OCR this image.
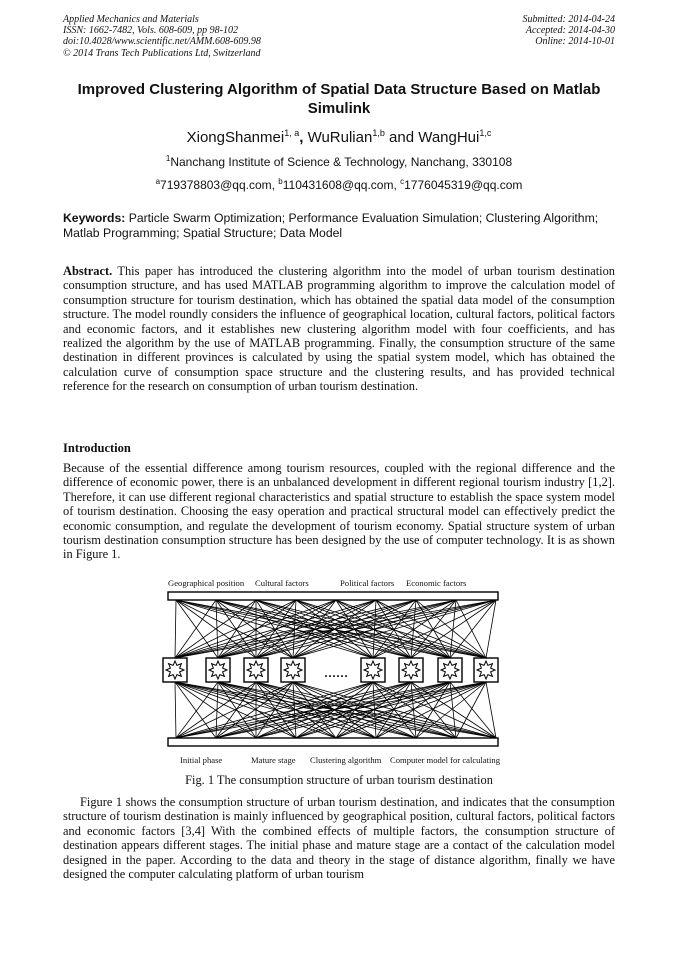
Applied Mechanics and Materials
ISSN: 1662-7482, Vols. 608-609, pp 98-102
doi:10.4028/www.scientific.net/AMM.608-609.98
© 2014 Trans Tech Publications Ltd, Switzerland
Submitted: 2014-04-24
Accepted: 2014-04-30
Online: 2014-10-01
Improved Clustering Algorithm of Spatial Data Structure Based on Matlab Simulink
XiongShanmei$^{1, a}$, WuRulian$^{1,b}$ and WangHui$^{1,c}$
$^1$Nanchang Institute of Science & Technology, Nanchang, 330108
$^a$719378803@qq.com, $^b$110431608@qq.com, $^c$1776045319@qq.com
Keywords: Particle Swarm Optimization; Performance Evaluation Simulation; Clustering Algorithm; Matlab Programming; Spatial Structure; Data Model
Abstract. This paper has introduced the clustering algorithm into the model of urban tourism destination consumption structure, and has used MATLAB programming algorithm to improve the calculation model of consumption structure for tourism destination, which has obtained the spatial data model of the consumption structure. The model roundly considers the influence of geographical location, cultural factors, political factors and economic factors, and it establishes new clustering algorithm model with four coefficients, and has realized the algorithm by the use of MATLAB programming. Finally, the consumption structure of the same destination in different provinces is calculated by using the spatial system model, which has obtained the calculation curve of consumption space structure and the clustering results, and has provided technical reference for the research on consumption of urban tourism destination.
Introduction
Because of the essential difference among tourism resources, coupled with the regional difference and the difference of economic power, there is an unbalanced development in different regional tourism industry [1,2]. Therefore, it can use different regional characteristics and spatial structure to establish the space system model of tourism destination. Choosing the easy operation and practical structural model can effectively predict the economic consumption, and regulate the development of tourism economy. Spatial structure system of urban tourism destination consumption structure has been designed by the use of computer technology. It is as shown in Figure 1.
Geographical position Cultural factors	Political factors Economic factors
……
Initial phase	Mature stage Clustering algorithm Computer model for calculating
Fig. 1 The consumption structure of urban tourism destination
Figure 1 shows the consumption structure of urban tourism destination, and indicates that the consumption structure of tourism destination is mainly influenced by geographical position, cultural factors, political factors and economic factors [3,4] With the combined effects of multiple factors, the consumption structure of destination appears different stages. The initial phase and mature stage are a contact of the calculation model designed in the paper. According to the data and theory in the stage of distance algorithm, finally we have designed the computer calculating platform of urban tourism
